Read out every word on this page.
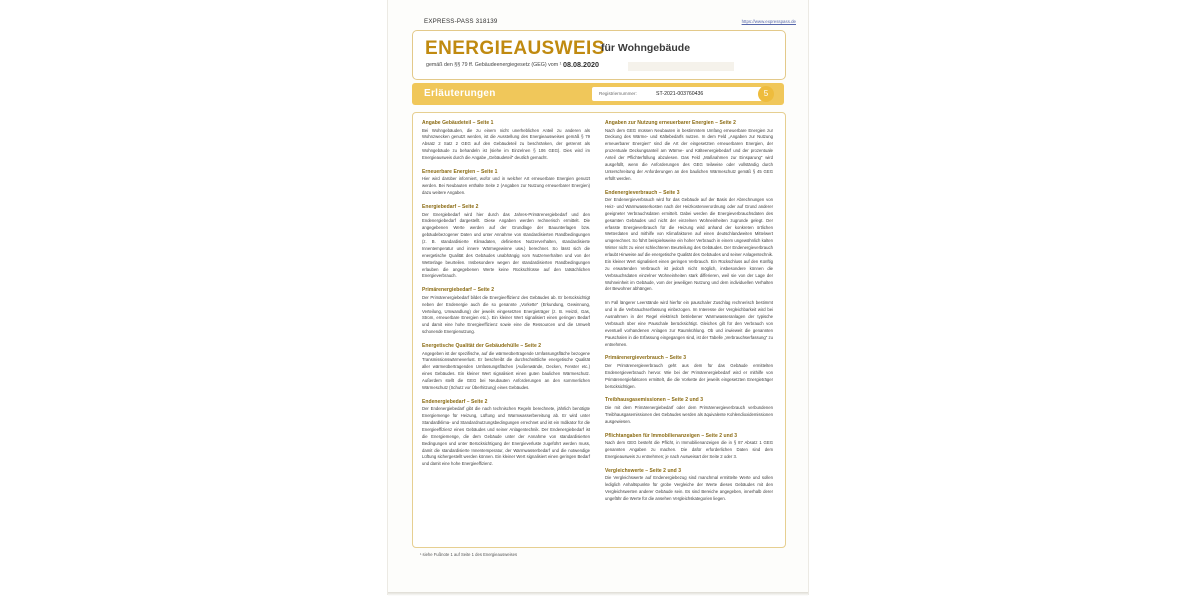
EXPRESS-PASS 318139	https://www.expresspass.de
ENERGIEAUSWEIS
für Wohngebäude
gemäß den §§ 79 ff. Gebäudeenergiegesetz (GEG) vom ¹ 08.08.2020
Erläuterungen	Registriernummer:	ST-2021-003760436	5
Angabe Gebäudeteil – Seite 1

Bei Wohngebäuden, die zu einem nicht unerheblichen Anteil zu anderen als Wohnzwecken genutzt werden, ist die Ausstellung des Energieausweises gemäß § 79 Absatz 2 Satz 2 GEG auf den Gebäudeteil zu beschränken, der getrennt als Wohngebäude zu behandeln ist (siehe im Einzelnen § 106 GEG). Dies wird im Energieausweis durch die Angabe „Gebäudeteil" deutlich gemacht.

Erneuerbare Energien – Seite 1

Hier wird darüber informiert, wofür und in welcher Art erneuerbare Energien genutzt werden. Bei Neubauten enthalte Seite 2 (Angaben zur Nutzung erneuerbarer Energien) dazu weitere Angaben.

Energiebedarf – Seite 2

Der Energiebedarf wird hier durch das Jahres-Primärenergiebedarf und den Endenergiebedarf dargestellt. Diese Angaben werden rechnerisch ermittelt. Die angegebenen Werte werden auf der Grundlage der Bauunterlagen bzw. gebäudebezogener Daten und unter Annahme von standardisierten Randbedingungen (z. B. standardisierte Klimadaten, definiertes Nutzerverhalten, standardisierte Innentemperatur und innere Wärmegewinne usw.) berechnet. So lässt sich die energetische Qualität des Gebäudes unabhängig vom Nutzerverhalten und von der Wetterlage beurteilen. Insbesondere wegen der standardisierten Randbedingungen erlauben die angegebenen Werte keine Rückschlüsse auf den tatsächlichen Energieverbrauch.

Primärenergiebedarf – Seite 2

Der Primärenergiebedarf bildet die Energieeffizienz des Gebäudes ab. Er berücksichtigt neben der Endenergie auch die so genannte „Vorkette" (Erkundung, Gewinnung, Verteilung, Umwandlung) der jeweils eingesetzten Energieträger (z. B. Heizöl, Gas, Strom, erneuerbare Energien etc.). Ein kleiner Wert signalisiert einen geringen Bedarf und damit eine hohe Energieeffizienz sowie eine die Ressourcen und die Umwelt schonende Energienutzung.

Energetische Qualität der Gebäudehülle – Seite 2

Angegeben ist der spezifische, auf die wärmeübertragende Umfassungsfläche bezogene Transmissionswärmeverlust. Er beschreibt die durchschnittliche energetische Qualität aller wärmeübertragenden Umfassungsflächen (Außenwände, Decken, Fenster etc.) eines Gebäudes. Ein kleiner Wert signalisiert einen guten baulichen Wärmeschutz. Außerdem stellt die GEG bei Neubauten Anforderungen an den sommerlichen Wärmeschutz (Schutz vor Überhitzung) eines Gebäudes.

Endenergiebedarf – Seite 2

Der Endenergiebedarf gibt die nach technischen Regeln berechnete, jährlich benötigte Energiemenge für Heizung, Lüftung und Warmwasserbereitung ab. Er wird unter Standardklima- und Standardnutzungsbedingungen errechnet und ist ein Indikator für die Energieeffizienz eines Gebäudes und seiner Anlagentechnik. Der Endenergiebedarf ist die Energiemenge, die dem Gebäude unter der Annahme von standardisierten Bedingungen und unter Berücksichtigung der Energieverluste zugeführt werden muss, damit die standardisierte Innentemperatur, der Warmwasserbedarf und die notwendige Lüftung sichergestellt werden können. Ein kleiner Wert signalisiert einen geringen Bedarf und damit eine hohe Energieeffizienz.

Angaben zur Nutzung erneuerbarer Energien – Seite 2

Nach dem GEG müssen Neubauten in bestimmtem Umfang erneuerbare Energien zur Deckung des Wärme- und Kältebedarfs nutzen. In dem Feld „Angaben zur Nutzung erneuerbarer Energien" sind die Art der eingesetzten erneuerbaren Energien, der prozentuale Deckungsanteil am Wärme- und Kälteenergiebedarf und der prozentuale Anteil der Pflichterfüllung abzulesen. Das Feld „Maßnahmen zur Einsparung" wird ausgefüllt, wenn die Anforderungen des GEG teilweise oder vollständig durch Unterschreitung der Anforderungen an den baulichen Wärmeschutz gemäß § 45 GEG erfüllt werden.

Endenergieverbrauch – Seite 3

Der Endenergieverbrauch wird für das Gebäude auf der Basis der Abrechnungen von Heiz- und Warmwasserkosten nach der Heizkostenverordnung oder auf Grund anderer geeigneter Verbrauchsdaten ermittelt. Dabei werden die Energieverbrauchsdaten des gesamten Gebäudes und nicht der einzelnen Wohneinheiten zugrunde gelegt. Der erfasste Energieverbrauch für die Heizung wird anhand der konkreten örtlichen Wetterdaten und mithilfe von Klimafaktoren auf einen deutschlandweiten Mittelwert umgerechnet. So führt beispielsweise ein hoher Verbrauch in einem ungewöhnlich kalten Winter nicht zu einer schlechteren Beurteilung des Gebäudes. Der Endenergieverbrauch erlaubt Hinweise auf die energetische Qualität des Gebäudes und seiner Anlagentechnik. Ein kleiner Wert signalisiert einen geringen Verbrauch. Ein Rückschluss auf den Künftig zu erwartenden Verbrauch ist jedoch nicht möglich, insbesondere können die Verbrauchsdaten einzelner Wohneinheiten stark differieren, weil sie von der Lage der Wohneinheit im Gebäude, vom der jeweiligen Nutzung und dem individuellen Verhalten der Bewohner abhängen.

Im Fall längerer Leerstände wird hierfür ein pauschaler Zuschlag rechnerisch bestimmt und in die Verbrauchserfassung einbezogen. Im Interesse der Vergleichbarkeit wird bei Ausnahmen in der Regel elektrisch betriebener Warmwasseranlagen der typische Verbrauch über eine Pauschale berücksichtigt. Gleiches gilt für den Verbrauch von eventuell vorhandenen Anlagen zur Raumkühlung. Ob und inwieweit die genannten Pauschalen in die Erfassung eingegangen sind, ist der Tabelle „Verbrauchserfassung" zu entnehmen.

Primärenergieverbrauch – Seite 3

Der Primärenergieverbrauch geht aus dem für das Gebäude ermittelten Endenergieverbrauch hervor. Wie bei der Primärenergiebedarf wird er mithilfe von Primärenergiefaktoren ermittelt, die die Vorkette der jeweils eingesetzten Energieträger berücksichtigen.

Treibhausgasemissionen – Seite 2 und 3

Die mit dem Primärenergiebedarf oder dem Primärenergieverbrauch verbundenen Treibhausgasemissionen des Gebäudes werden als äquivalente Kohlendioxidemissionen ausgewiesen.

Pflichtangaben für Immobilienanzeigen – Seite 2 und 3

Nach dem GEG besteht die Pflicht, in Immobilienanzeigen die in § 87 Absatz 1 GEG genannten Angaben zu machen. Die dafür erforderlichen Daten sind dem Energieausweis zu entnehmen; je nach Ausweisart der Seite 2 oder 3.

Vergleichswerte – Seite 2 und 3

Die Vergleichswerte auf Endenergiebezug sind manchmal ermittelte Werte und sollen lediglich Anhaltspunkte für grobe Vergleiche der Werte dieses Gebäudes mit den Vergleichswerten anderer Gebäude sein. Es sind Bereiche angegeben, innerhalb derer ungefähr die Werte für die ansehen Vergleichskategorien liegen.

¹ siehe Fußnote 1 auf Seite 1 des Energieausweises
